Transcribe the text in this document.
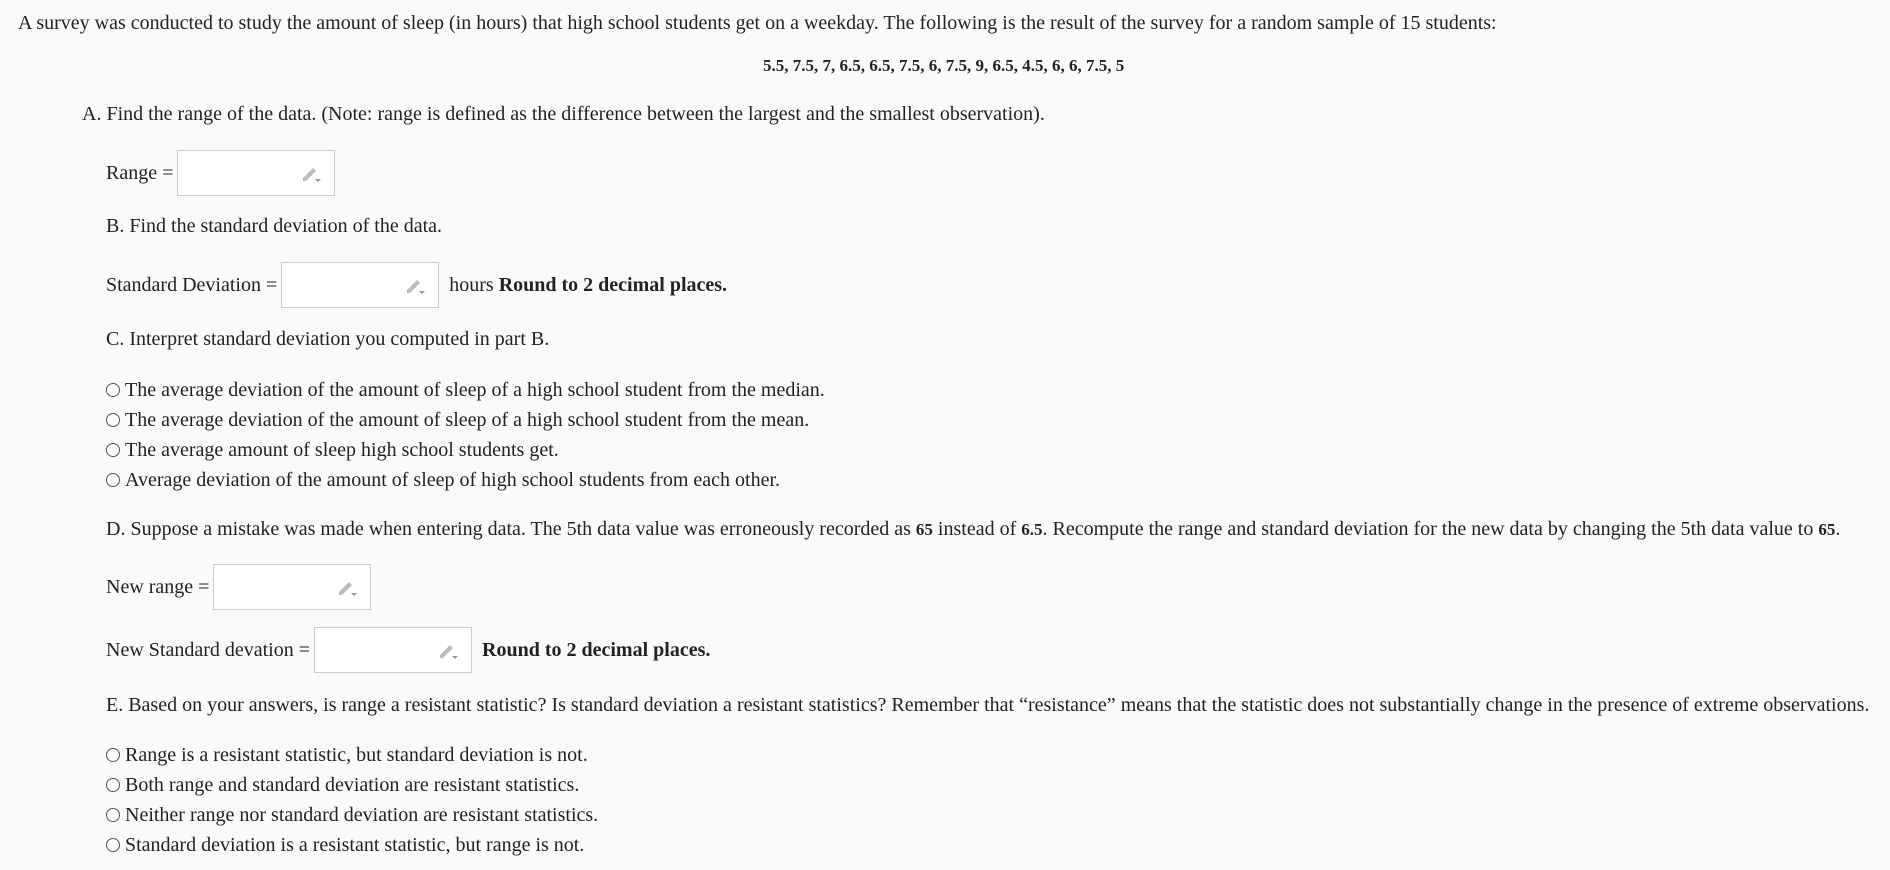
A survey was conducted to study the amount of sleep (in hours) that high school students get on a weekday. The following is the result of the survey for a random sample of 15 students:
5.5, 7.5, 7, 6.5, 6.5, 7.5, 6, 7.5, 9, 6.5, 4.5, 6, 6, 7.5, 5
A. Find the range of the data. (Note: range is defined as the difference between the largest and the smallest observation).
Range =
B. Find the standard deviation of the data.
Standard Deviation =	hours Round to 2 decimal places.
C. Interpret standard deviation you computed in part B.
The average deviation of the amount of sleep of a high school student from the median.
The average deviation of the amount of sleep of a high school student from the mean.
The average amount of sleep high school students get.
Average deviation of the amount of sleep of high school students from each other.
D. Suppose a mistake was made when entering data. The 5th data value was erroneously recorded as 65 instead of 6.5. Recompute the range and standard deviation for the new data by changing the 5th data value to 65.
New range =
New Standard devation =	Round to 2 decimal places.
E. Based on your answers, is range a resistant statistic? Is standard deviation a resistant statistics? Remember that “resistance” means that the statistic does not substantially change in the presence of extreme observations.
Range is a resistant statistic, but standard deviation is not.
Both range and standard deviation are resistant statistics.
Neither range nor standard deviation are resistant statistics.
Standard deviation is a resistant statistic, but range is not.
